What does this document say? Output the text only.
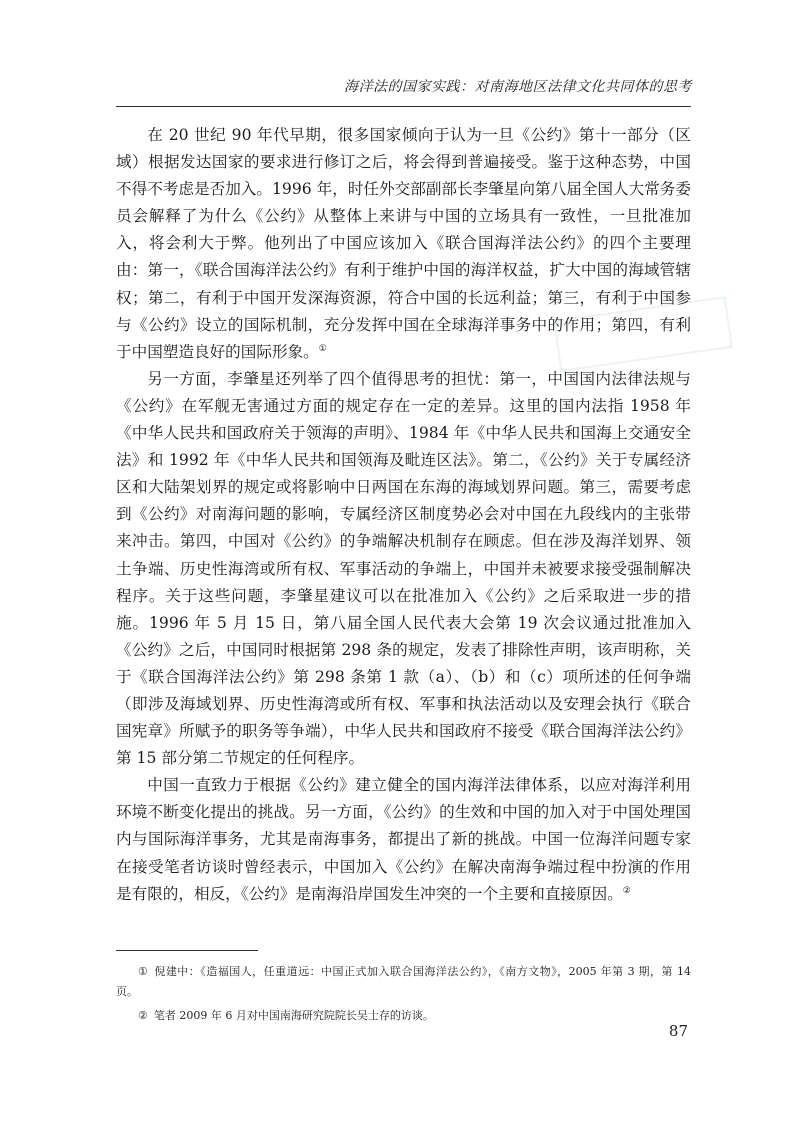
海洋法的国家实践：对南海地区法律文化共同体的思考

在 20 世纪 90 年代早期，很多国家倾向于认为一旦《公约》第十一部分（区域）根据发达国家的要求进行修订之后，将会得到普遍接受。鉴于这种态势，中国不得不考虑是否加入。1996 年，时任外交部副部长李肇星向第八届全国人大常务委员会解释了为什么《公约》从整体上来讲与中国的立场具有一致性，一旦批准加入，将会利大于弊。他列出了中国应该加入《联合国海洋法公约》的四个主要理由：第一，《联合国海洋法公约》有利于维护中国的海洋权益，扩大中国的海域管辖权；第二，有利于中国开发深海资源，符合中国的长远利益；第三，有利于中国参与《公约》设立的国际机制，充分发挥中国在全球海洋事务中的作用；第四，有利于中国塑造良好的国际形象。①

另一方面，李肇星还列举了四个值得思考的担忧：第一，中国国内法律法规与《公约》在军舰无害通过方面的规定存在一定的差异。这里的国内法指 1958 年《中华人民共和国政府关于领海的声明》、1984 年《中华人民共和国海上交通安全法》和 1992 年《中华人民共和国领海及毗连区法》。第二，《公约》关于专属经济区和大陆架划界的规定或将影响中日两国在东海的海域划界问题。第三，需要考虑到《公约》对南海问题的影响，专属经济区制度势必会对中国在九段线内的主张带来冲击。第四，中国对《公约》的争端解决机制存在顾虑。但在涉及海洋划界、领土争端、历史性海湾或所有权、军事活动的争端上，中国并未被要求接受强制解决程序。关于这些问题，李肇星建议可以在批准加入《公约》之后采取进一步的措施。1996 年 5 月 15 日，第八届全国人民代表大会第 19 次会议通过批准加入《公约》之后，中国同时根据第 298 条的规定，发表了排除性声明，该声明称，关于《联合国海洋法公约》第 298 条第 1 款（a）、（b）和（c）项所述的任何争端（即涉及海域划界、历史性海湾或所有权、军事和执法活动以及安理会执行《联合国宪章》所赋予的职务等争端），中华人民共和国政府不接受《联合国海洋法公约》第 15 部分第二节规定的任何程序。

中国一直致力于根据《公约》建立健全的国内海洋法律体系，以应对海洋利用环境不断变化提出的挑战。另一方面，《公约》的生效和中国的加入对于中国处理国内与国际海洋事务，尤其是南海事务，都提出了新的挑战。中国一位海洋问题专家在接受笔者访谈时曾经表示，中国加入《公约》在解决南海争端过程中扮演的作用是有限的，相反，《公约》是南海沿岸国发生冲突的一个主要和直接原因。②

① 倪建中：《造福国人，任重道远：中国正式加入联合国海洋法公约》，《南方文物》，2005 年第 3 期，第 14 页。

② 笔者 2009 年 6 月对中国南海研究院院长吴士存的访谈。

87
